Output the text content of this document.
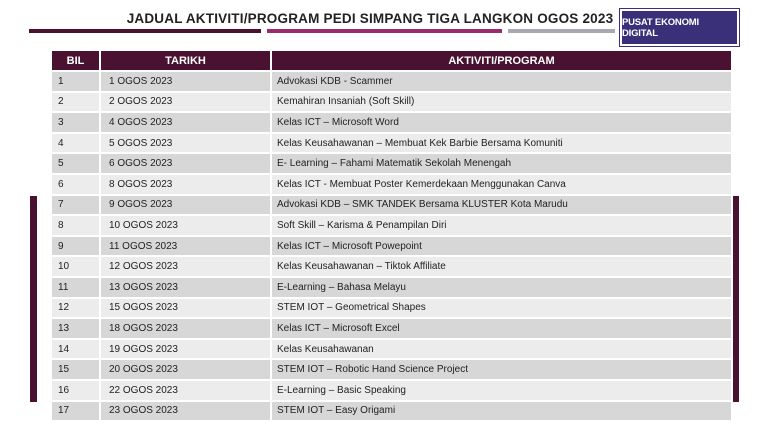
JADUAL AKTIVITI/PROGRAM PEDI SIMPANG TIGA LANGKON OGOS 2023 PUSAT EKONOMI DIGITAL
BIL	TARIKH	AKTIVITI/PROGRAM
1	1 OGOS 2023	Advokasi KDB - Scammer
2	2 OGOS 2023	Kemahiran Insaniah (Soft Skill)
3	4 OGOS 2023	Kelas ICT – Microsoft Word
4	5 OGOS 2023	Kelas Keusahawanan – Membuat Kek Barbie Bersama Komuniti
5	6 OGOS 2023	E- Learning – Fahami Matematik Sekolah Menengah
6	8 OGOS 2023	Kelas ICT - Membuat Poster Kemerdekaan Menggunakan Canva
7	9 OGOS 2023	Advokasi KDB – SMK TANDEK Bersama KLUSTER Kota Marudu
8	10 OGOS 2023	Soft Skill – Karisma & Penampilan Diri
9	11 OGOS 2023	Kelas ICT – Microsoft Powepoint
10	12 OGOS 2023	Kelas Keusahawanan – Tiktok Affiliate
11	13 OGOS 2023	E-Learning – Bahasa Melayu
12	15 OGOS 2023	STEM IOT – Geometrical Shapes
13	18 OGOS 2023	Kelas ICT – Microsoft Excel
14	19 OGOS 2023	Kelas Keusahawanan
15	20 OGOS 2023	STEM IOT – Robotic Hand Science Project
16	22 OGOS 2023	E-Learning – Basic Speaking
17	23 OGOS 2023	STEM IOT – Easy Origami
